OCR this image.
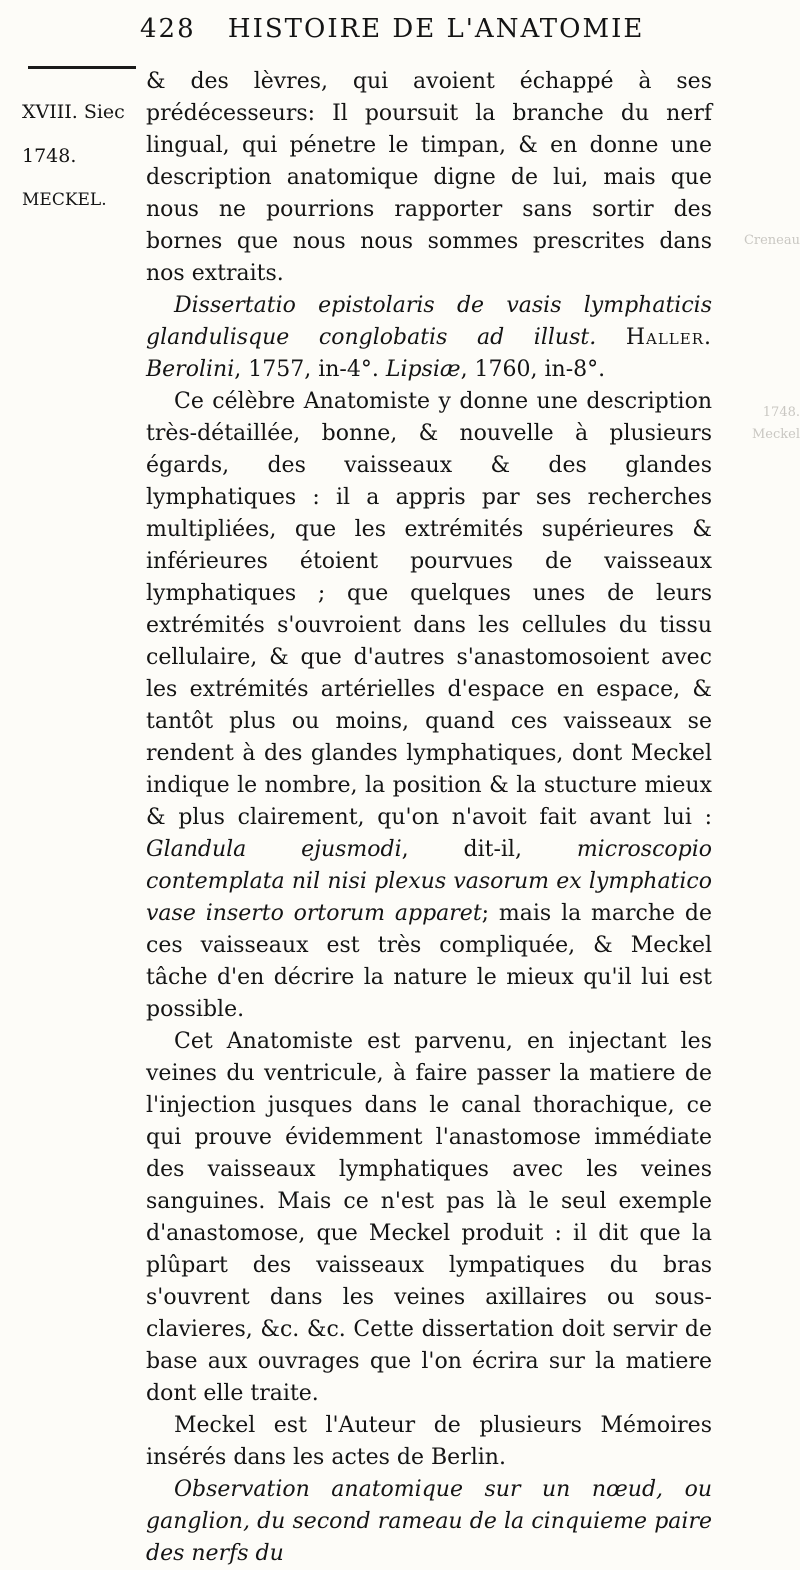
428 HISTOIRE DE L'ANATOMIE
XVIII. Siec
1748.
MECKEL.

& des lèvres, qui avoient échappé à ses prédécesseurs: Il poursuit la branche du nerf lingual, qui pénetre le timpan, & en donne une description anatomique digne de lui, mais que nous ne pourrions rapporter sans sortir des bornes que nous nous sommes prescrites dans nos extraits.

Dissertatio epistolaris de vasis lymphaticis glandulisque conglobatis ad illust. Haller. Berolini, 1757, in-4°. Lipsiæ, 1760, in-8°.

Ce célèbre Anatomiste y donne une description très-détaillée, bonne, & nouvelle à plusieurs égards, des vaisseaux & des glandes lymphatiques : il a appris par ses recherches multipliées, que les extrémités supérieures & inférieures étoient pourvues de vaisseaux lymphatiques ; que quelques unes de leurs extrémités s'ouvroient dans les cellules du tissu cellulaire, & que d'autres s'anastomosoient avec les extrémités artérielles d'espace en espace, & tantôt plus ou moins, quand ces vaisseaux se rendent à des glandes lymphatiques, dont Meckel indique le nombre, la position & la stucture mieux & plus clairement, qu'on n'avoit fait avant lui : Glandula ejusmodi, dit-il, microscopio contemplata nil nisi plexus vasorum ex lymphatico vase inserto ortorum apparet; mais la marche de ces vaisseaux est très compliquée, & Meckel tâche d'en décrire la nature le mieux qu'il lui est possible.

Cet Anatomiste est parvenu, en injectant les veines du ventricule, à faire passer la matiere de l'injection jusques dans le canal thorachique, ce qui prouve évidemment l'anastomose immédiate des vaisseaux lymphatiques avec les veines sanguines. Mais ce n'est pas là le seul exemple d'anastomose, que Meckel produit : il dit que la plûpart des vaisseaux lympatiques du bras s'ouvrent dans les veines axillaires ou sous-clavieres, &c. &c. Cette dissertation doit servir de base aux ouvrages que l'on écrira sur la matiere dont elle traite.

Meckel est l'Auteur de plusieurs Mémoires insérés dans les actes de Berlin.

Observation anatomique sur un nœud, ou ganglion, du second rameau de la cinquieme paire des nerfs du

Creneau
1748.
Meckel
